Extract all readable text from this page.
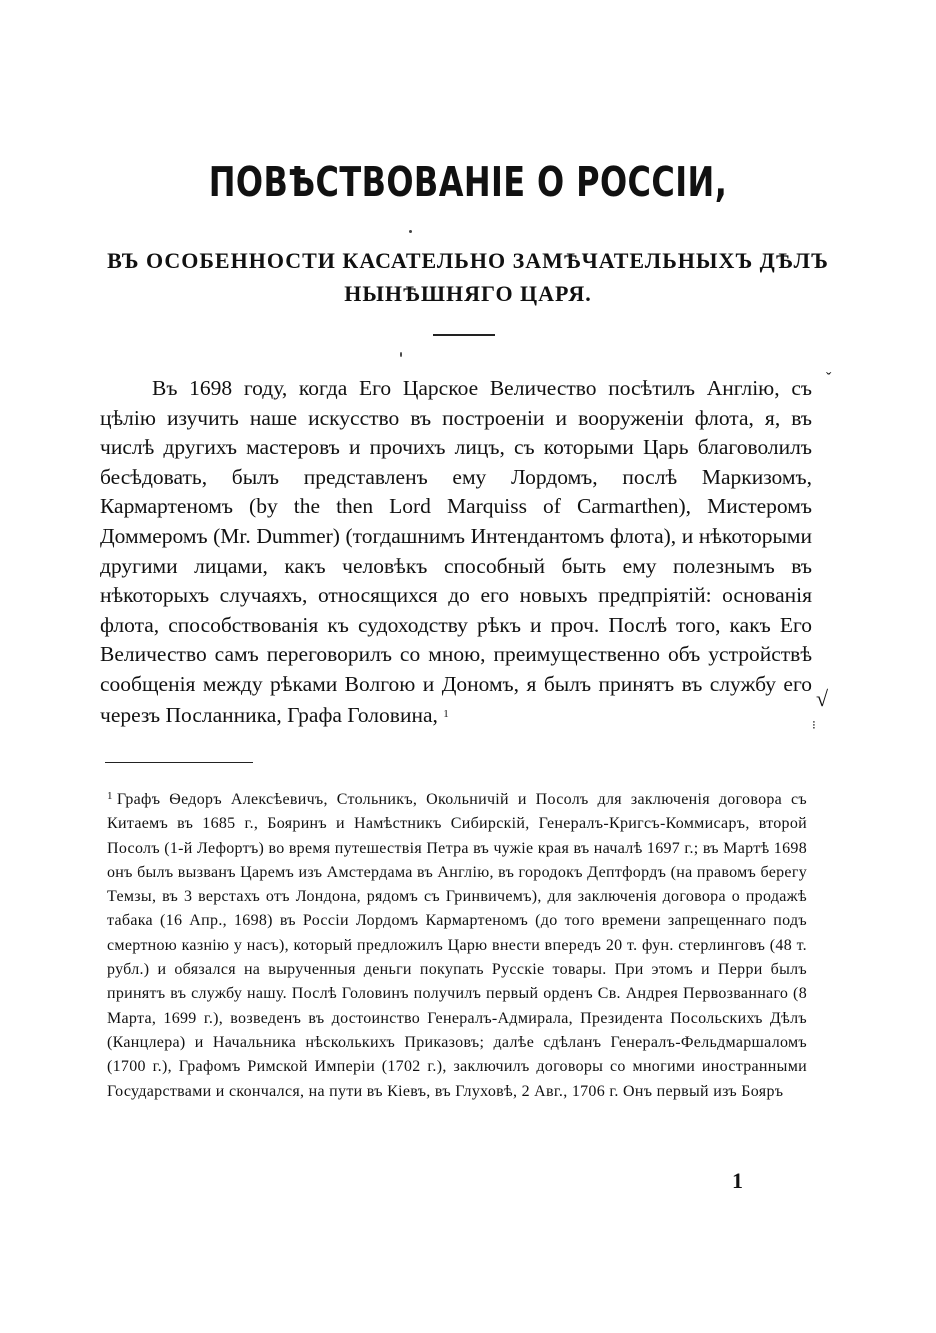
ПОВѢСТВОВАНІЕ О РОССІИ,

ВЪ ОСОБЕННОСТИ КАСАТЕЛЬНО ЗАМѢЧАТЕЛЬНЫХЪ ДѢЛЪ НЫНѢШНЯГО ЦАРЯ.

Въ 1698 году, когда Его Царское Величество посѣтилъ Англію, съ цѣлію изучить наше искусство въ построеніи и вооруженіи флота, я, въ числѣ другихъ мастеровъ и прочихъ лицъ, съ которыми Царь благоволилъ бесѣдовать, былъ представленъ ему Лордомъ, послѣ Маркизомъ, Кармартеномъ (by the then Lord Marquiss of Carmarthen), Мистеромъ Доммеромъ (Mr. Dummer) (тогдашнимъ Интендантомъ флота), и нѣкоторыми другими лицами, какъ человѣкъ способный быть ему полезнымъ въ нѣкоторыхъ случаяхъ, относящихся до его новыхъ предпріятій: основанія флота, способствованія къ судоходству рѣкъ и проч. Послѣ того, какъ Его Величество самъ переговорилъ со мною, преимущественно объ устройствѣ сообщенія между рѣками Волгою и Дономъ, я былъ принятъ въ службу его черезъ Посланника, Графа Головина, $^1$

$^1$ Графъ Ѳедоръ Алексѣевичъ, Стольникъ, Окольничій и Посолъ для заключенія договора съ Китаемъ въ 1685 г., Бояринъ и Намѣстникъ Сибирскій, Генералъ-Кригсъ-Коммисаръ, второй Посолъ (1-й Лефортъ) во время путешествія Петра въ чужіе края въ началѣ 1697 г.; въ Мартѣ 1698 онъ былъ вызванъ Царемъ изъ Амстердама въ Англію, въ городокъ Дептфордъ (на правомъ берегу Темзы, въ 3 верстахъ отъ Лондона, рядомъ съ Гринвичемъ), для заключенія договора о продажѣ табака (16 Апр., 1698) въ Россіи Лордомъ Кармартеномъ (до того времени запрещеннаго подъ смертною казнію у насъ), который предложилъ Царю внести впередъ 20 т. фун. стерлинговъ (48 т. рубл.) и обязался на вырученныя деньги покупать Русскіе товары. При этомъ и Перри былъ принятъ въ службу нашу. Послѣ Головинъ получилъ первый орденъ Св. Андрея Первозваннаго (8 Марта, 1699 г.), возведенъ въ достоинство Генералъ-Адмирала, Президента Посольскихъ Дѣлъ (Канцлера) и Начальника нѣсколькихъ Приказовъ; далѣе сдѣланъ Генералъ-Фельдмаршаломъ (1700 г.), Графомъ Римской Имперіи (1702 г.), заключилъ договоры со многими иностранными Государствами и скончался, на пути въ Кіевъ, въ Глуховѣ, 2 Авг., 1706 г. Онъ первый изъ Бояръ

1
ˇ
√
⁝
